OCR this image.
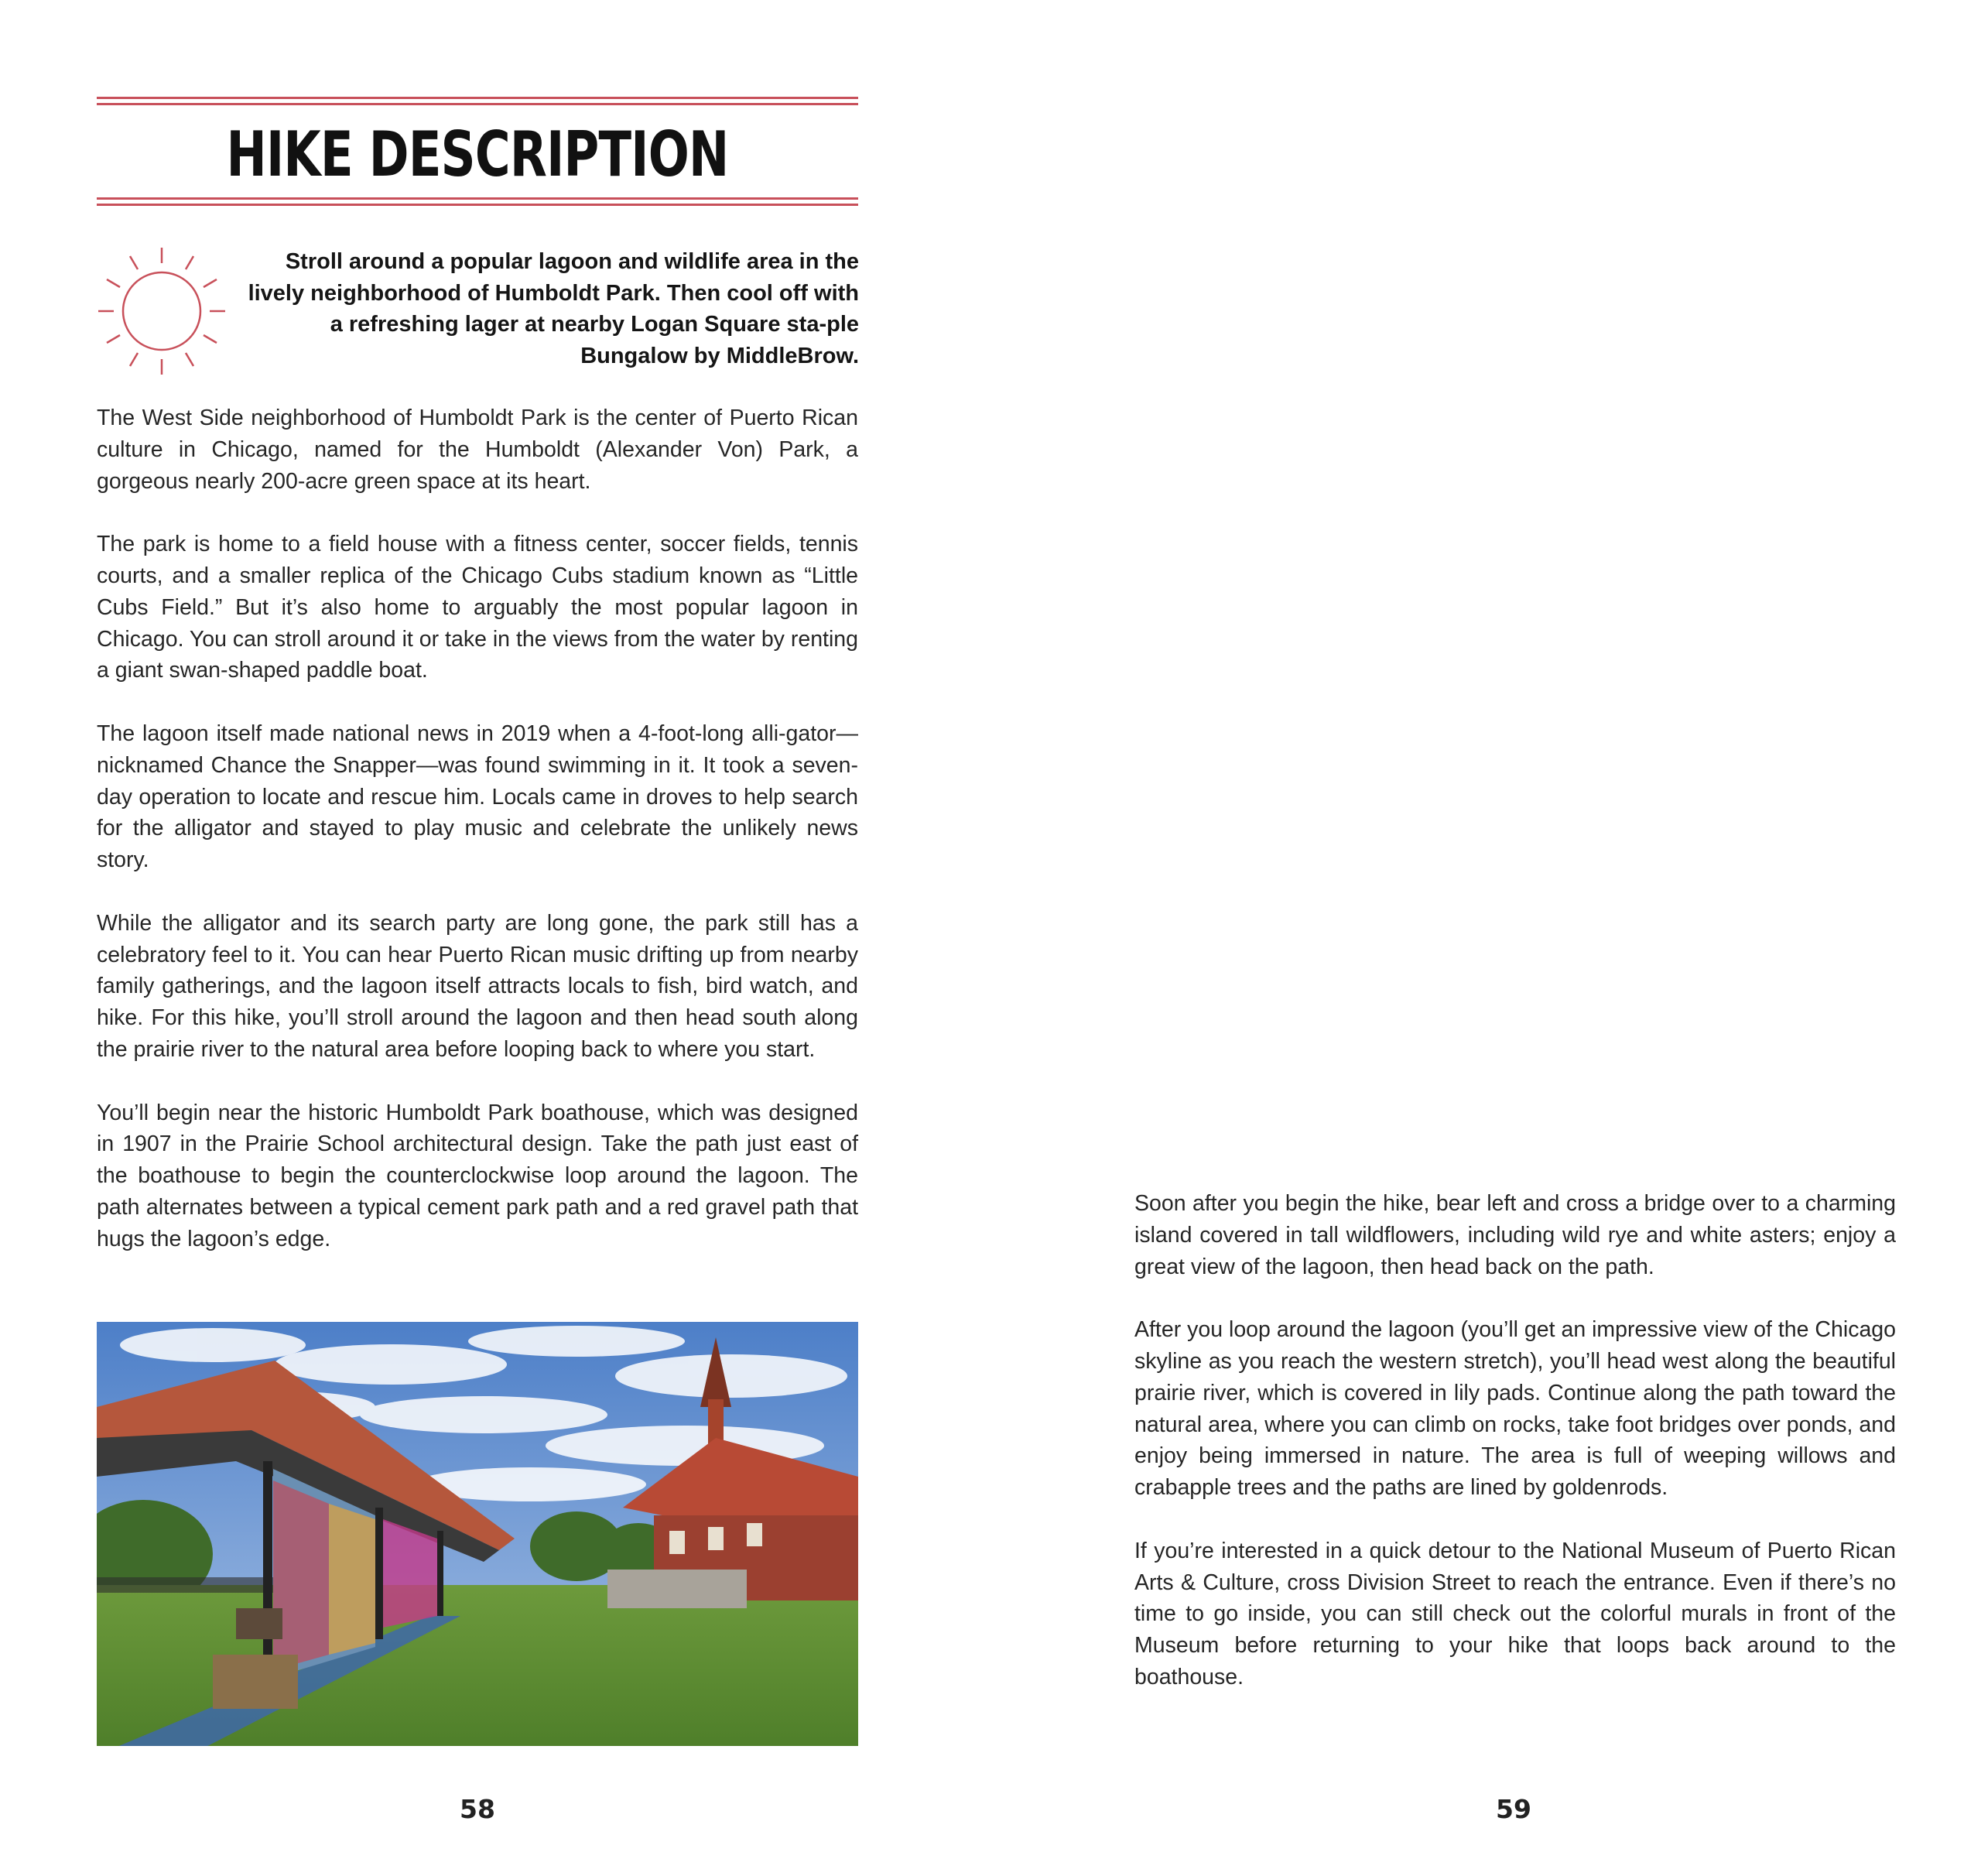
HIKE DESCRIPTION

Stroll around a popular lagoon and wildlife area in the lively neighborhood of Humboldt Park. Then cool off with a refreshing lager at nearby Logan Square sta-ple Bungalow by MiddleBrow.

The West Side neighborhood of Humboldt Park is the center of Puerto Rican culture in Chicago, named for the Humboldt (Alexander Von) Park, a gorgeous nearly 200-acre green space at its heart.

The park is home to a field house with a fitness center, soccer fields, tennis courts, and a smaller replica of the Chicago Cubs stadium known as “Little Cubs Field.” But it’s also home to arguably the most popular lagoon in Chicago. You can stroll around it or take in the views from the water by renting a giant swan-shaped paddle boat.

The lagoon itself made national news in 2019 when a 4-foot-long alli-gator—nicknamed Chance the Snapper—was found swimming in it. It took a seven-day operation to locate and rescue him. Locals came in droves to help search for the alligator and stayed to play music and celebrate the unlikely news story.

While the alligator and its search party are long gone, the park still has a celebratory feel to it. You can hear Puerto Rican music drifting up from nearby family gatherings, and the lagoon itself attracts locals to fish, bird watch, and hike. For this hike, you’ll stroll around the lagoon and then head south along the prairie river to the natural area before looping back to where you start.

You’ll begin near the historic Humboldt Park boathouse, which was designed in 1907 in the Prairie School architectural design. Take the path just east of the boathouse to begin the counterclockwise loop around the lagoon. The path alternates between a typical cement park path and a red gravel path that hugs the lagoon’s edge.

58

Soon after you begin the hike, bear left and cross a bridge over to a charming island covered in tall wildflowers, including wild rye and white asters; enjoy a great view of the lagoon, then head back on the path.

After you loop around the lagoon (you’ll get an impressive view of the Chicago skyline as you reach the western stretch), you’ll head west along the beautiful prairie river, which is covered in lily pads. Continue along the path toward the natural area, where you can climb on rocks, take foot bridges over ponds, and enjoy being immersed in nature. The area is full of weeping willows and crabapple trees and the paths are lined by goldenrods.

If you’re interested in a quick detour to the National Museum of Puerto Rican Arts & Culture, cross Division Street to reach the entrance. Even if there’s no time to go inside, you can still check out the colorful murals in front of the Museum before returning to your hike that loops back around to the boathouse.

59
